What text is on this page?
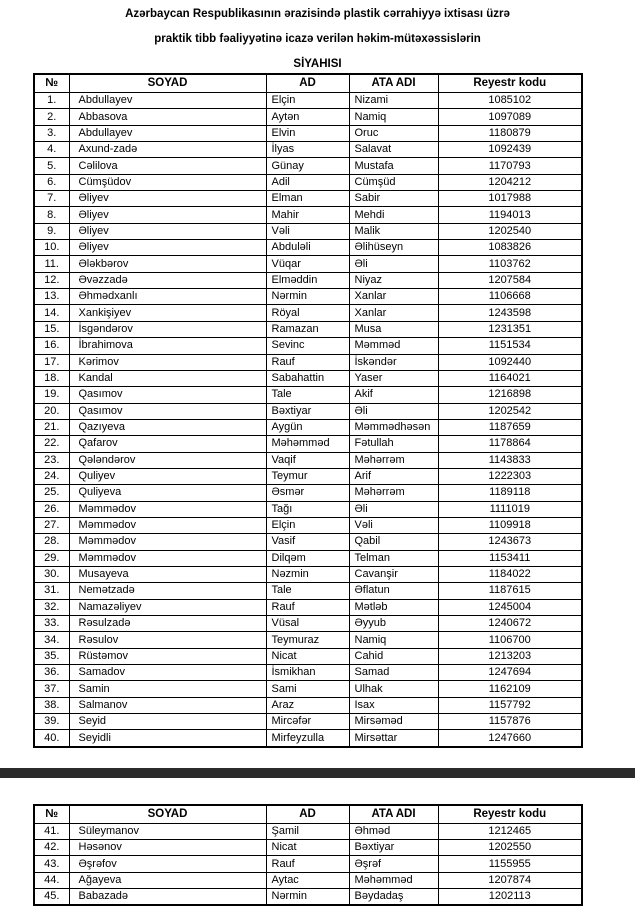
Azərbaycan Respublikasının ərazisində plastik cərrahiyyə ixtisası üzrə

praktik tibb fəaliyyətinə icazə verilən həkim-mütəxəssislərin

SİYAHISI

№	SOYAD	AD	ATA ADI	Reyestr kodu
1.	Abdullayev	Elçin	Nizami	1085102
2.	Abbasova	Aytən	Namiq	1097089
3.	Abdullayev	Elvin	Oruc	1180879
4.	Axund-zadə	İlyas	Salavat	1092439
5.	Cəlilova	Günay	Mustafa	1170793
6.	Cümşüdov	Adil	Cümşüd	1204212
7.	Əliyev	Elman	Sabir	1017988
8.	Əliyev	Mahir	Mehdi	1194013
9.	Əliyev	Vəli	Malik	1202540
10.	Əliyev	Abduləli	Əlihüseyn	1083826
11.	Ələkbərov	Vüqar	Əli	1103762
12.	Əvəzzadə	Elməddin	Niyaz	1207584
13.	Əhmədxanlı	Nərmin	Xanlar	1106668
14.	Xankişiyev	Röyal	Xanlar	1243598
15.	İsgəndərov	Ramazan	Musa	1231351
16.	İbrahimova	Sevinc	Məmməd	1151534
17.	Kərimov	Rauf	İskəndər	1092440
18.	Kandal	Sabahattin	Yaser	1164021
19.	Qasımov	Tale	Akif	1216898
20.	Qasımov	Bəxtiyar	Əli	1202542
21.	Qazıyeva	Aygün	Məmmədhəsən	1187659
22.	Qafarov	Məhəmməd	Fətullah	1178864
23.	Qələndərov	Vaqif	Məhərrəm	1143833
24.	Quliyev	Teymur	Arif	1222303
25.	Quliyeva	Əsmər	Məhərrəm	1189118
26.	Məmmədov	Tağı	Əli	1111019
27.	Məmmədov	Elçin	Vəli	1109918
28.	Məmmədov	Vasif	Qabil	1243673
29.	Məmmədov	Dilqəm	Telman	1153411
30.	Musayeva	Nəzmin	Cavanşir	1184022
31.	Nemətzadə	Tale	Əflatun	1187615
32.	Namazəliyev	Rauf	Mətləb	1245004
33.	Rəsulzadə	Vüsal	Əyyub	1240672
34.	Rəsulov	Teymuraz	Namiq	1106700
35.	Rüstəmov	Nicat	Cahid	1213203
36.	Samadov	İsmikhan	Samad	1247694
37.	Samin	Sami	Ulhak	1162109
38.	Salmanov	Araz	Isax	1157792
39.	Seyid	Mircəfər	Mirsəməd	1157876
40.	Seyidli	Mirfeyzulla	Mirsəttar	1247660
№	SOYAD	AD	ATA ADI	Reyestr kodu
41.	Süleymanov	Şamil	Əhməd	1212465
42.	Həsənov	Nicat	Bəxtiyar	1202550
43.	Əşrəfov	Rauf	Əşrəf	1155955
44.	Ağayeva	Aytac	Məhəmməd	1207874
45.	Babazadə	Nərmin	Bəydadaş	1202113
